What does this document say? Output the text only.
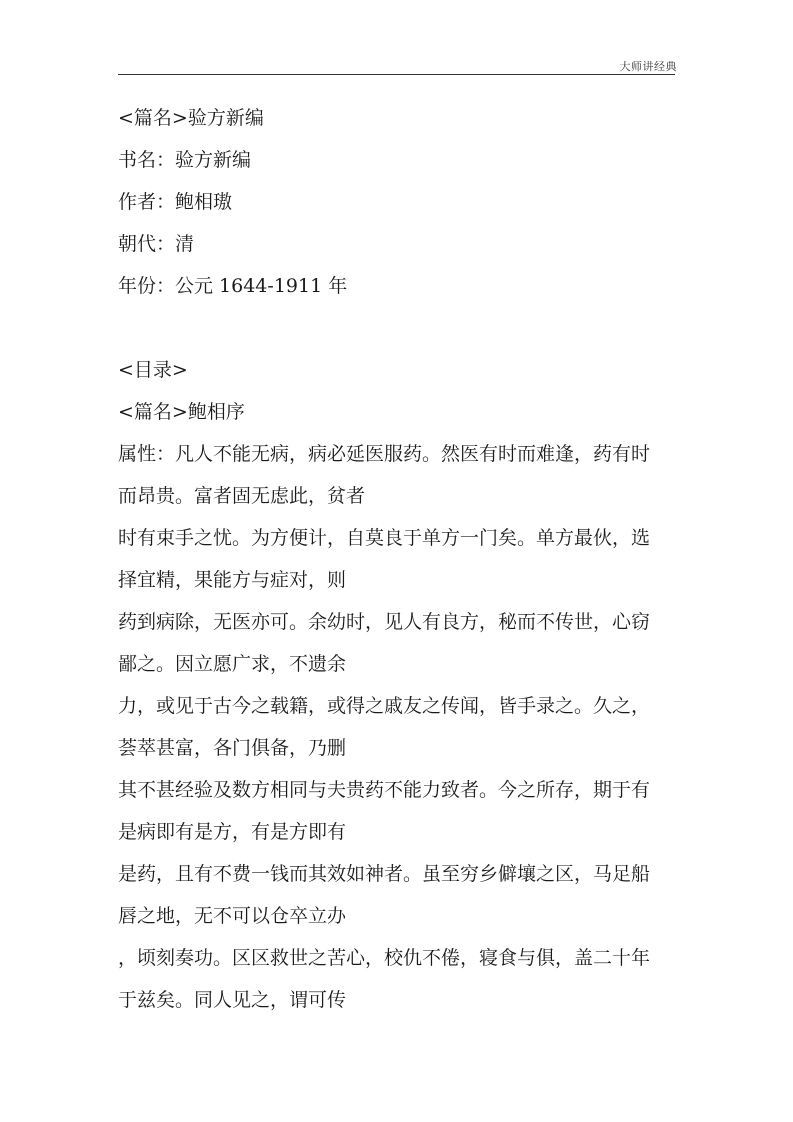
大师讲经典

<篇名>验方新编

书名：验方新编

作者：鲍相璈

朝代：清

年份：公元 1644-1911 年

<目录>

<篇名>鲍相序

属性：凡人不能无病，病必延医服药。然医有时而难逢，药有时

而昂贵。富者固无虑此，贫者

时有束手之忧。为方便计，自莫良于单方一门矣。单方最伙，选

择宜精，果能方与症对，则

药到病除，无医亦可。余幼时，见人有良方，秘而不传世，心窃

鄙之。因立愿广求，不遗余

力，或见于古今之载籍，或得之戚友之传闻，皆手录之。久之，

荟萃甚富，各门俱备，乃删

其不甚经验及数方相同与夫贵药不能力致者。今之所存，期于有

是病即有是方，有是方即有

是药，且有不费一钱而其效如神者。虽至穷乡僻壤之区，马足船

唇之地，无不可以仓卒立办

，顷刻奏功。区区救世之苦心，校仇不倦，寝食与俱，盖二十年

于兹矣。同人见之，谓可传
